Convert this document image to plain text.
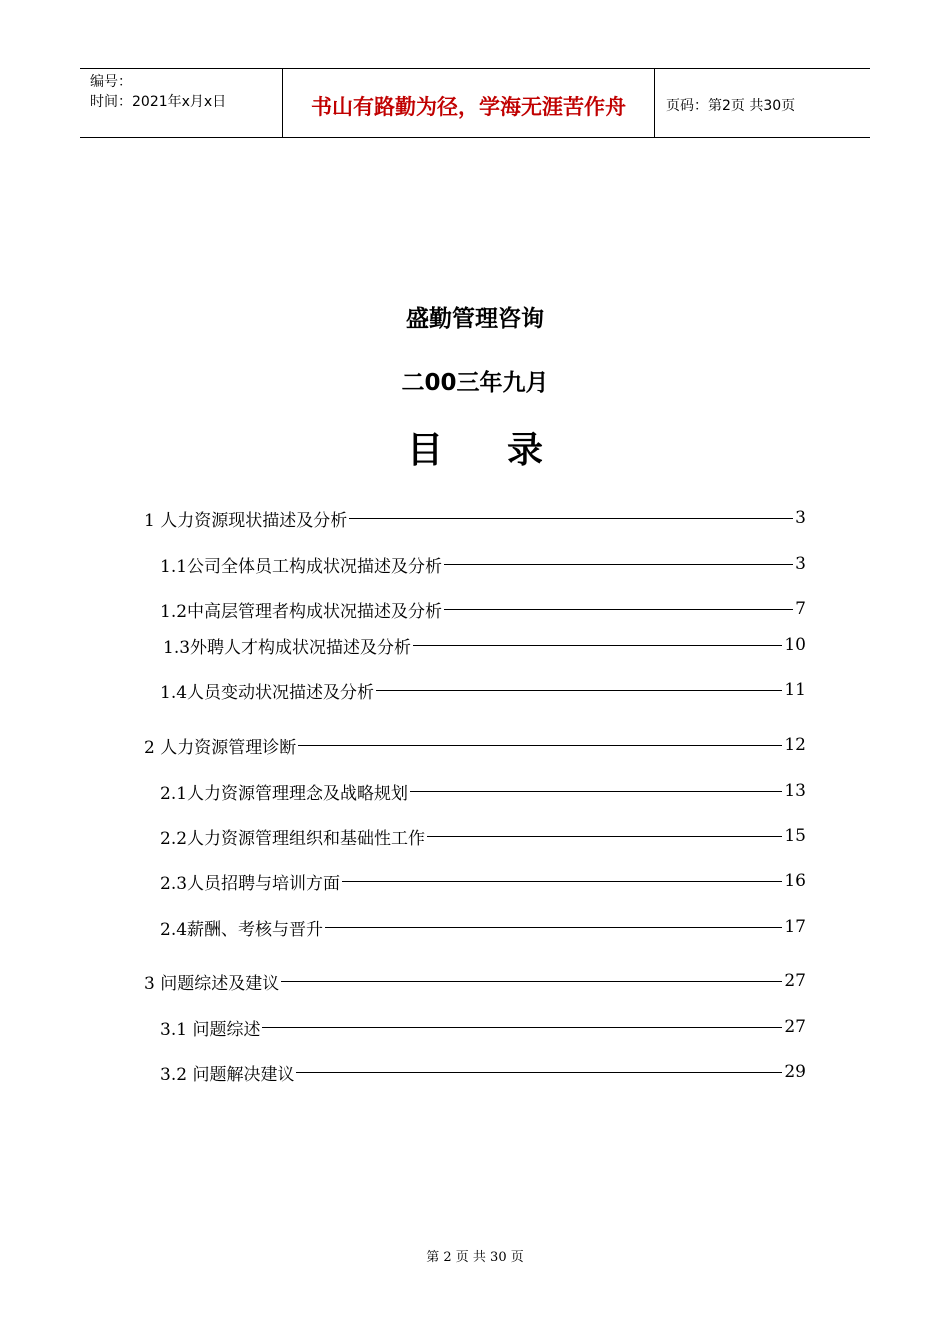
编号：
时间：2021年x月x日	书山有路勤为径，学海无涯苦作舟	页码：第2页 共30页
盛勤管理咨询
二00三年九月
目录
1 人力资源现状描述及分析	3
1.1公司全体员工构成状况描述及分析	3
1.2中高层管理者构成状况描述及分析	7
1.3外聘人才构成状况描述及分析	10
1.4人员变动状况描述及分析	11
2 人力资源管理诊断	12
2.1人力资源管理理念及战略规划	13
2.2人力资源管理组织和基础性工作	15
2.3人员招聘与培训方面	16
2.4薪酬、考核与晋升	17
3 问题综述及建议	27
3.1 问题综述	27
3.2 问题解决建议	29
第 2 页 共 30 页
